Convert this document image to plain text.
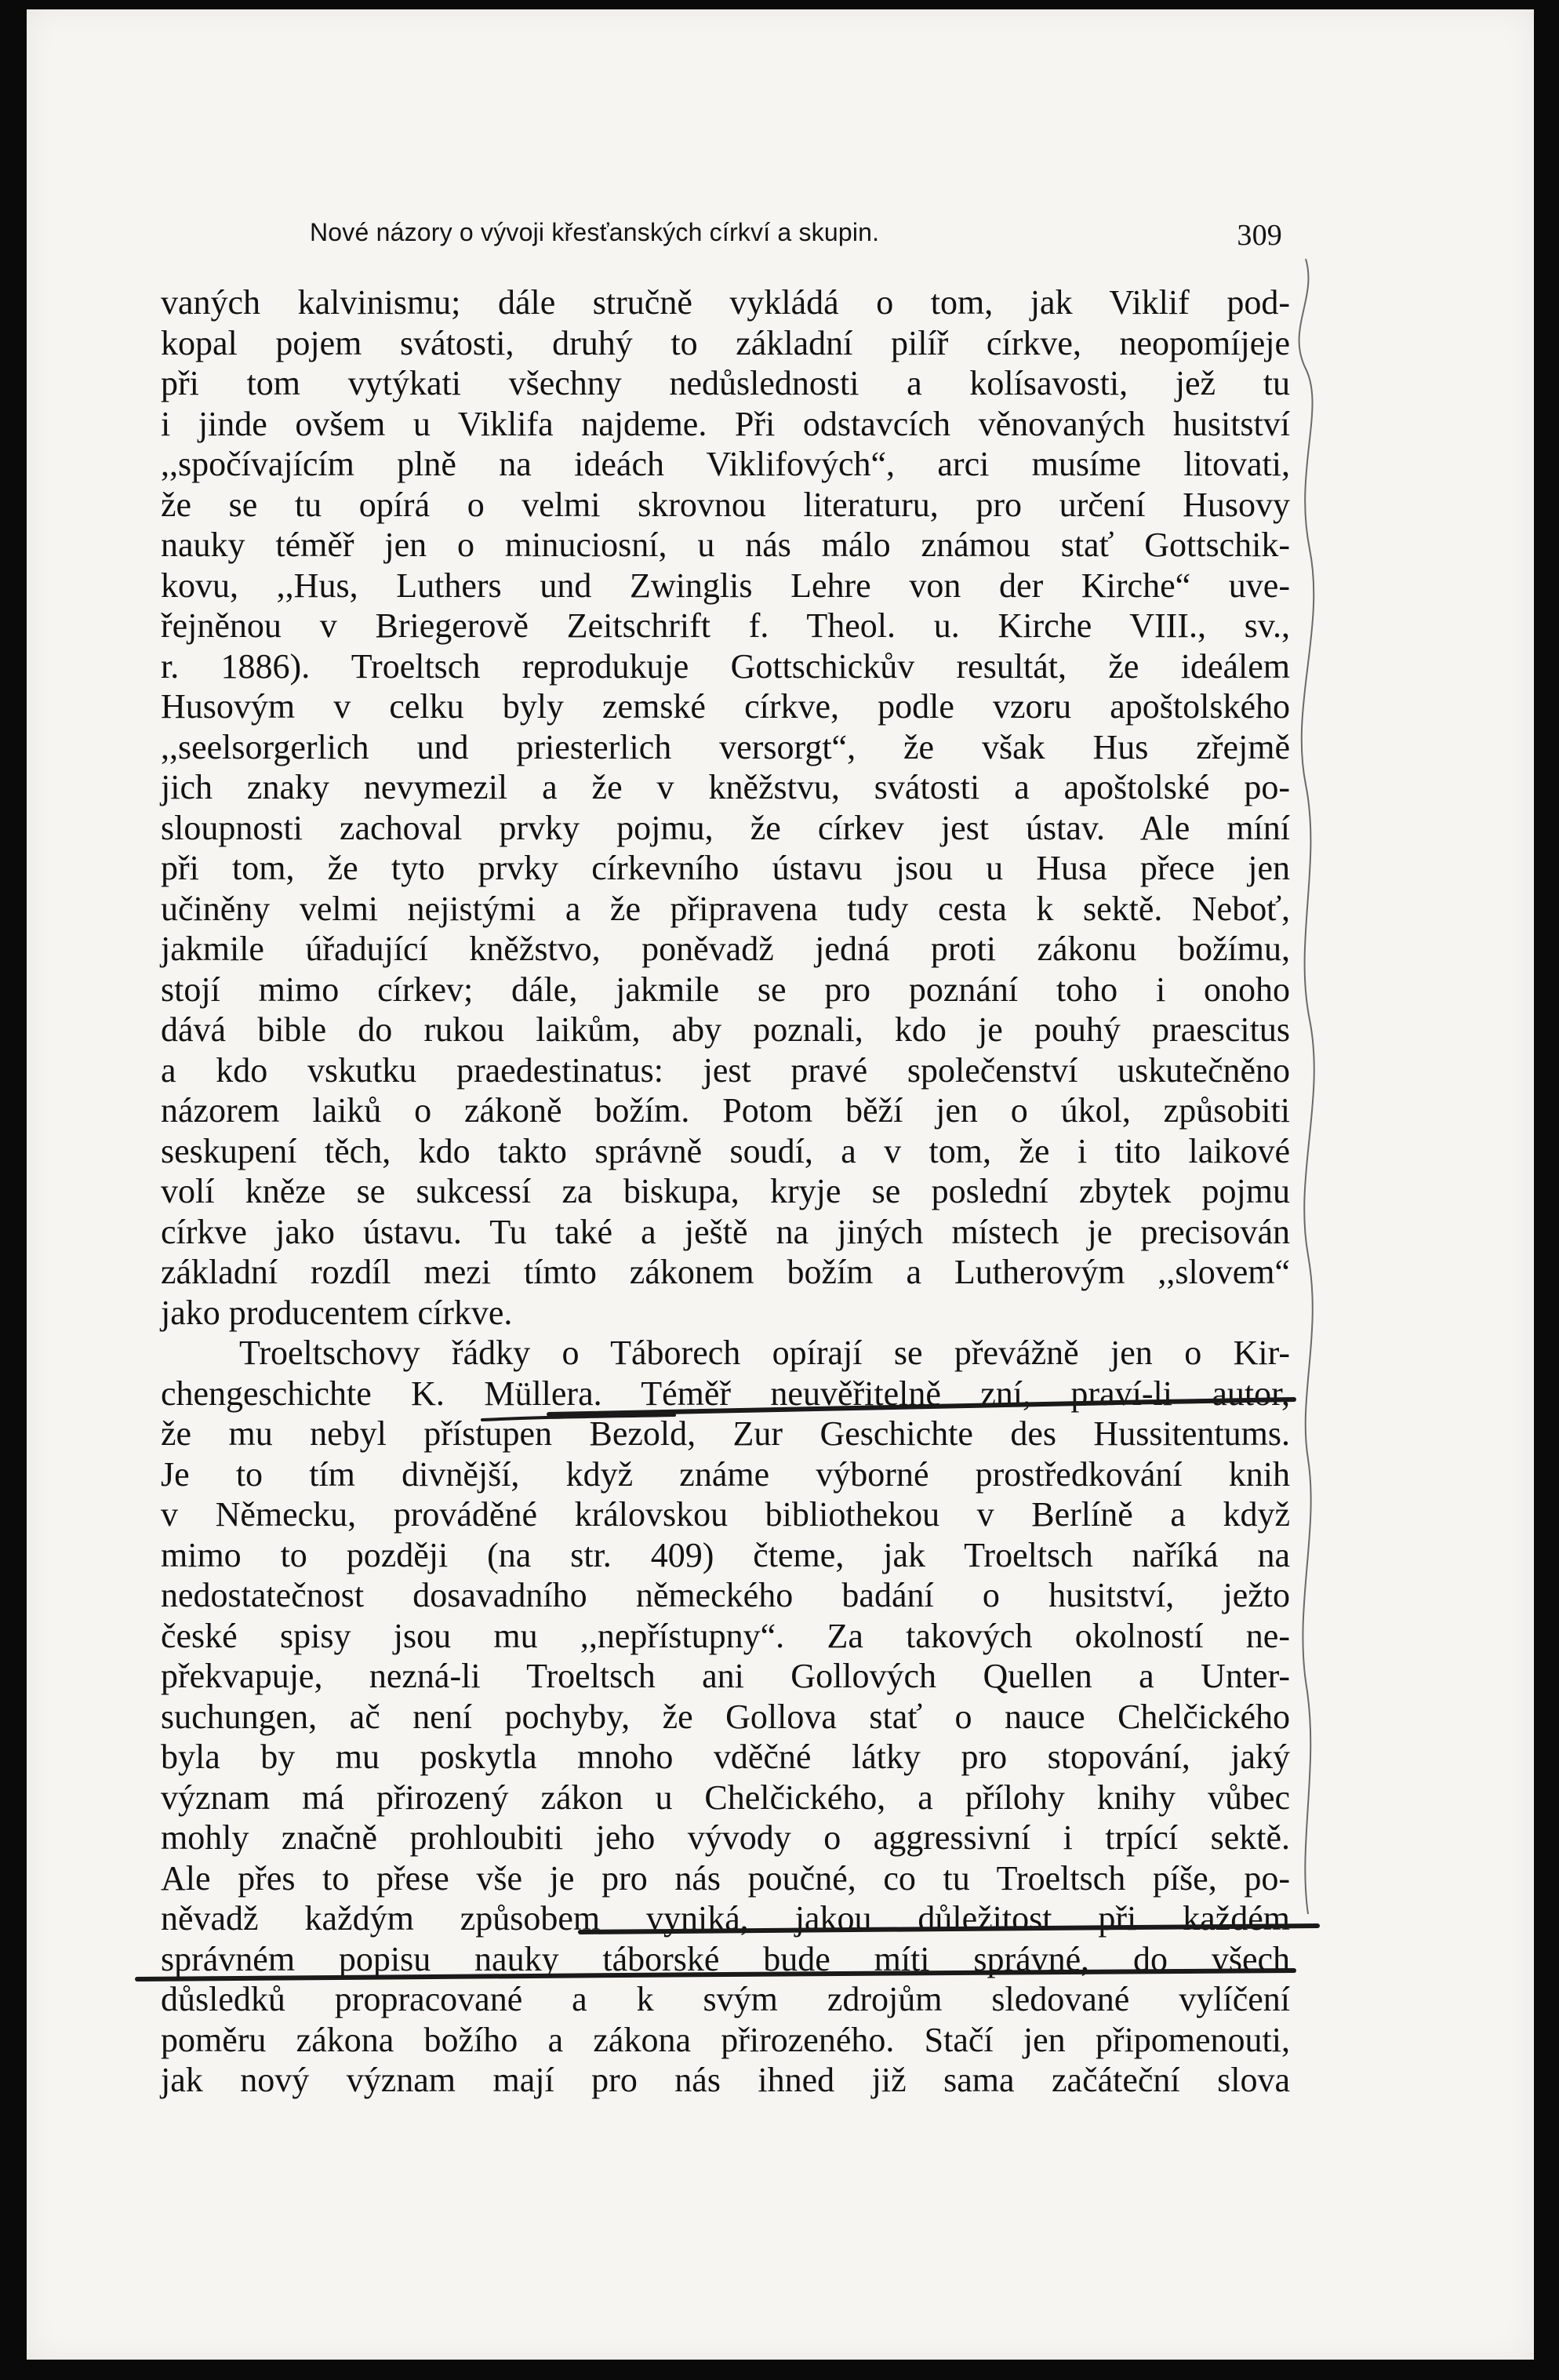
Nové názory o vývoji křesťanských církví a skupin.	309
vaných kalvinismu; dále stručně vykládá o tom, jak Viklif pod-
kopal pojem svátosti, druhý to základní pilíř církve, neopomíjeje
při tom vytýkati všechny nedůslednosti a kolísavosti, jež tu
i jinde ovšem u Viklifa najdeme. Při odstavcích věnovaných husitství
,,spočívajícím plně na ideách Viklifových“, arci musíme litovati,
že se tu opírá o velmi skrovnou literaturu, pro určení Husovy
nauky téměř jen o minuciosní, u nás málo známou stať Gottschik-
kovu, ,,Hus, Luthers und Zwinglis Lehre von der Kirche“ uve-
řejněnou v Briegerově Zeitschrift f. Theol. u. Kirche VIII., sv.,
r. 1886). Troeltsch reprodukuje Gottschickův resultát, že ideálem
Husovým v celku byly zemské církve, podle vzoru apoštolského
,,seelsorgerlich und priesterlich versorgt“, že však Hus zřejmě
jich znaky nevymezil a že v kněžstvu, svátosti a apoštolské po-
sloupnosti zachoval prvky pojmu, že církev jest ústav. Ale míní
při tom, že tyto prvky církevního ústavu jsou u Husa přece jen
učiněny velmi nejistými a že připravena tudy cesta k sektě. Neboť,
jakmile úřadující kněžstvo, poněvadž jedná proti zákonu božímu,
stojí mimo církev; dále, jakmile se pro poznání toho i onoho
dává bible do rukou laikům, aby poznali, kdo je pouhý praescitus
a kdo vskutku praedestinatus: jest pravé společenství uskutečněno
názorem laiků o zákoně božím. Potom běží jen o úkol, způsobiti
seskupení těch, kdo takto správně soudí, a v tom, že i tito laikové
volí kněze se sukcessí za biskupa, kryje se poslední zbytek pojmu
církve jako ústavu. Tu také a ještě na jiných místech je precisován
základní rozdíl mezi tímto zákonem božím a Lutherovým ,,slovem“
jako producentem církve.
Troeltschovy řádky o Táborech opírají se převážně jen o Kir-
chengeschichte K. Müllera. Téměř neuvěřitelně zní, praví-li autor,
že mu nebyl přístupen Bezold, Zur Geschichte des Hussitentums.
Je to tím divnější, když známe výborné prostředkování knih
v Německu, prováděné královskou bibliothekou v Berlíně a když
mimo to později (na str. 409) čteme, jak Troeltsch naříká na
nedostatečnost dosavadního německého badání o husitství, ježto
české spisy jsou mu ,,nepřístupny“. Za takových okolností ne-
překvapuje, nezná-li Troeltsch ani Gollových Quellen a Unter-
suchungen, ač není pochyby, že Gollova stať o nauce Chelčického
byla by mu poskytla mnoho vděčné látky pro stopování, jaký
význam má přirozený zákon u Chelčického, a přílohy knihy vůbec
mohly značně prohloubiti jeho vývody o aggressivní i trpící sektě.
Ale přes to přese vše je pro nás poučné, co tu Troeltsch píše, po-
něvadž každým způsobem vyniká, jakou důležitost při každém
správném popisu nauky táborské bude míti správné, do všech
důsledků propracované a k svým zdrojům sledované vylíčení
poměru zákona božího a zákona přirozeného. Stačí jen připomenouti,
jak nový význam mají pro nás ihned již sama začáteční slova
